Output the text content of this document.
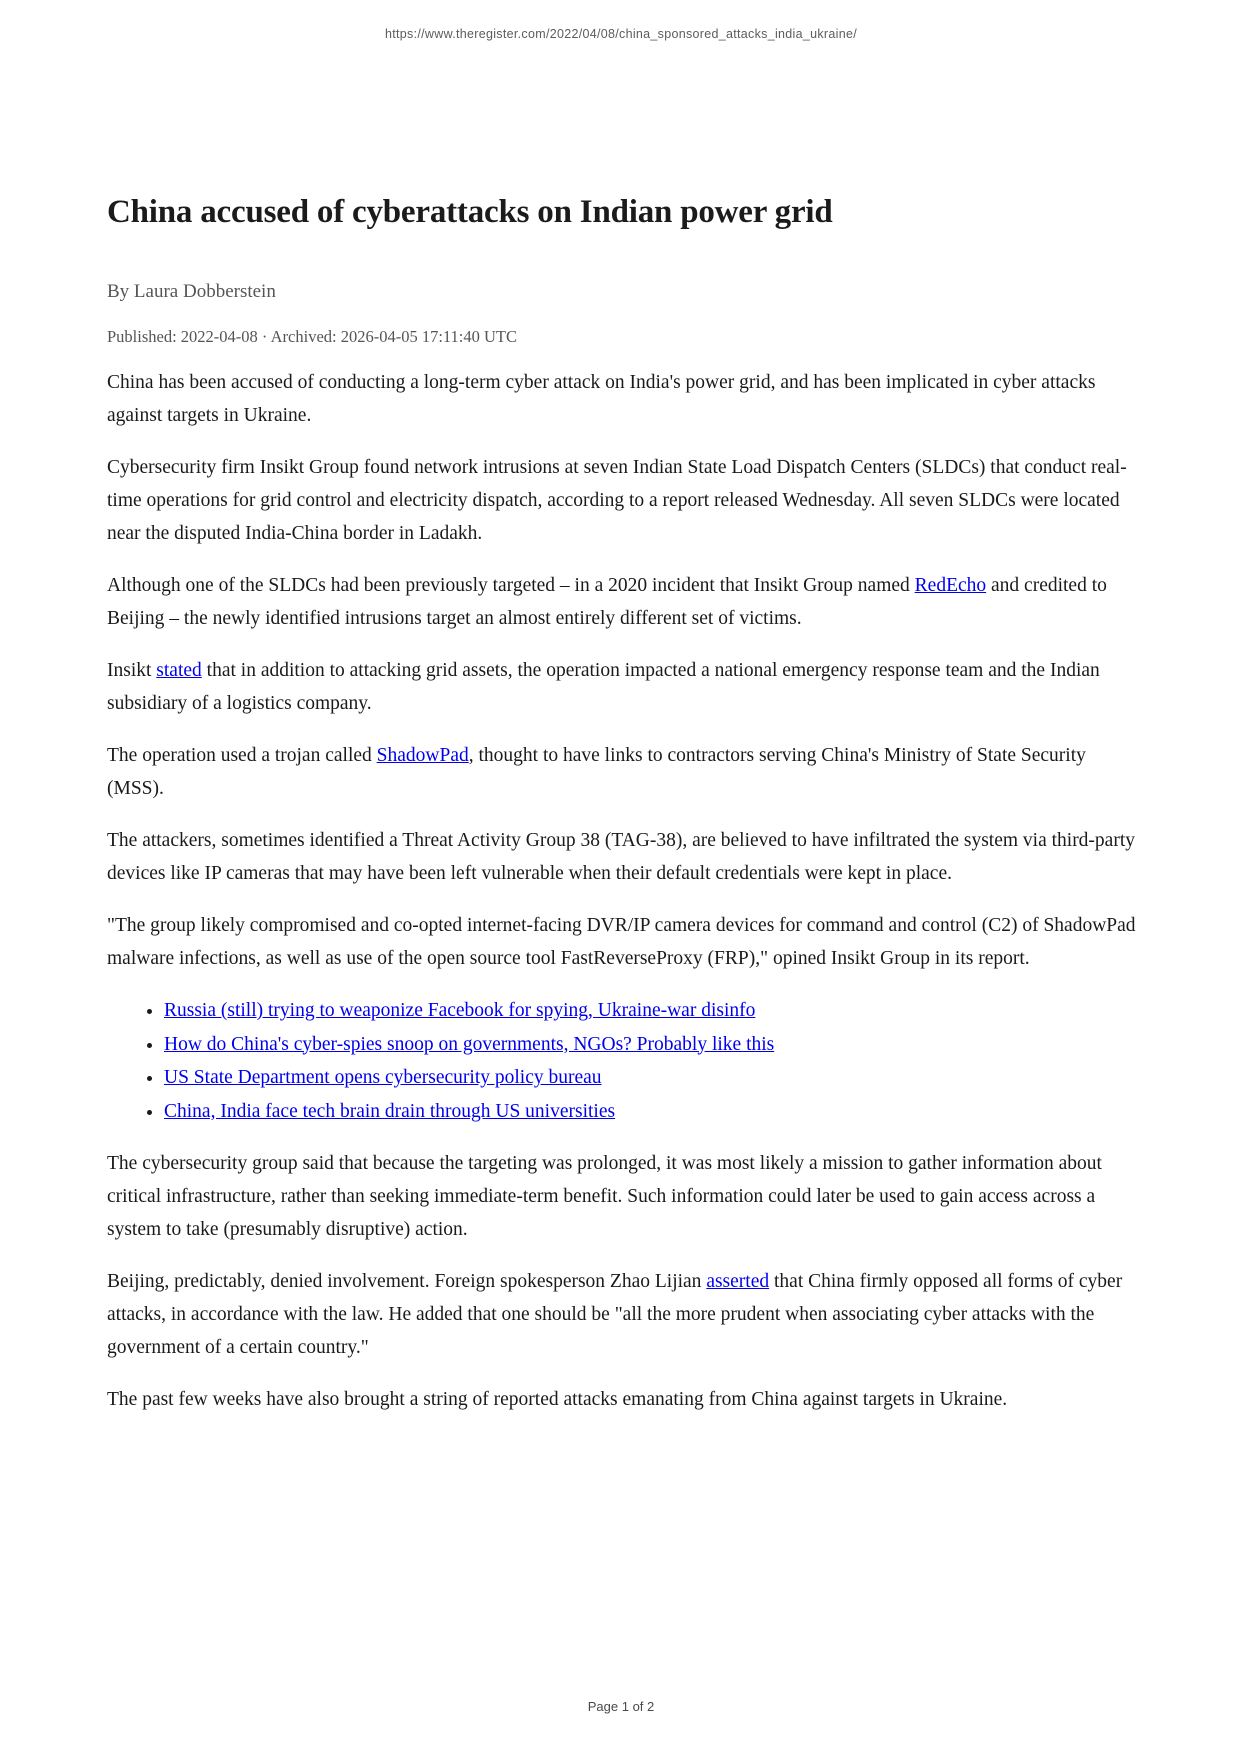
https://www.theregister.com/2022/04/08/china_sponsored_attacks_india_ukraine/
China accused of cyberattacks on Indian power grid
By Laura Dobberstein
Published: 2022-04-08 · Archived: 2026-04-05 17:11:40 UTC

China has been accused of conducting a long-term cyber attack on India's power grid, and has been implicated in cyber attacks against targets in Ukraine.

Cybersecurity firm Insikt Group found network intrusions at seven Indian State Load Dispatch Centers (SLDCs) that conduct real-time operations for grid control and electricity dispatch, according to a report released Wednesday. All seven SLDCs were located near the disputed India-China border in Ladakh.

Although one of the SLDCs had been previously targeted – in a 2020 incident that Insikt Group named RedEcho and credited to Beijing – the newly identified intrusions target an almost entirely different set of victims.

Insikt stated that in addition to attacking grid assets, the operation impacted a national emergency response team and the Indian subsidiary of a logistics company.

The operation used a trojan called ShadowPad, thought to have links to contractors serving China's Ministry of State Security (MSS).

The attackers, sometimes identified a Threat Activity Group 38 (TAG-38), are believed to have infiltrated the system via third-party devices like IP cameras that may have been left vulnerable when their default credentials were kept in place.

"The group likely compromised and co-opted internet-facing DVR/IP camera devices for command and control (C2) of ShadowPad malware infections, as well as use of the open source tool FastReverseProxy (FRP)," opined Insikt Group in its report.

• Russia (still) trying to weaponize Facebook for spying, Ukraine-war disinfo
• How do China's cyber-spies snoop on governments, NGOs? Probably like this
• US State Department opens cybersecurity policy bureau
• China, India face tech brain drain through US universities

The cybersecurity group said that because the targeting was prolonged, it was most likely a mission to gather information about critical infrastructure, rather than seeking immediate-term benefit. Such information could later be used to gain access across a system to take (presumably disruptive) action.

Beijing, predictably, denied involvement. Foreign spokesperson Zhao Lijian asserted that China firmly opposed all forms of cyber attacks, in accordance with the law. He added that one should be "all the more prudent when associating cyber attacks with the government of a certain country."

The past few weeks have also brought a string of reported attacks emanating from China against targets in Ukraine.

Page 1 of 2
